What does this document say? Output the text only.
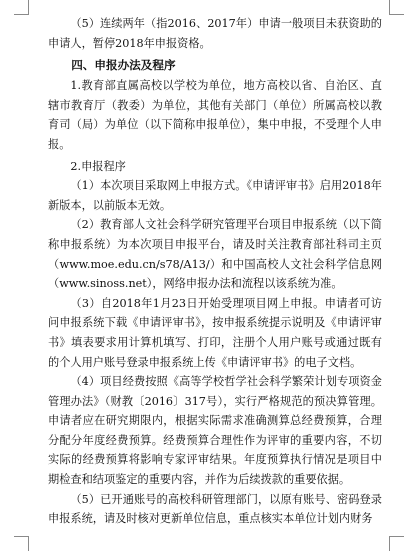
（5）连续两年（指2016、2017年）申请一般项目未获资助的申请人，暂停2018年申报资格。

四、申报办法及程序

1.教育部直属高校以学校为单位，地方高校以省、自治区、直辖市教育厅（教委）为单位，其他有关部门（单位）所属高校以教育司（局）为单位（以下简称申报单位），集中申报，不受理个人申报。

2.申报程序

（1）本次项目采取网上申报方式。《申请评审书》启用2018年新版本，以前版本无效。

（2）教育部人文社会科学研究管理平台项目申报系统（以下简称申报系统）为本次项目申报平台，请及时关注教育部社科司主页（www.moe.edu.cn/s78/A13/）和中国高校人文社会科学信息网（www.sinoss.net），网络申报办法和流程以该系统为准。

（3）自2018年1月23日开始受理项目网上申报。申请者可访问申报系统下载《申请评审书》，按申报系统提示说明及《申请评审书》填表要求用计算机填写、打印，注册个人用户账号或通过既有的个人用户账号登录申报系统上传《申请评审书》的电子文档。

（4）项目经费按照《高等学校哲学社会科学繁荣计划专项资金管理办法》（财教〔2016〕317号），实行严格规范的预决算管理。申请者应在研究期限内，根据实际需求准确测算总经费预算，合理分配分年度经费预算。经费预算合理性作为评审的重要内容，不切实际的经费预算将影响专家评审结果。年度预算执行情况是项目中期检查和结项鉴定的重要内容，并作为后续拨款的重要依据。

（5）已开通账号的高校科研管理部门，以原有账号、密码登录申报系统，请及时核对更新单位信息，重点核实本单位计划内财务
